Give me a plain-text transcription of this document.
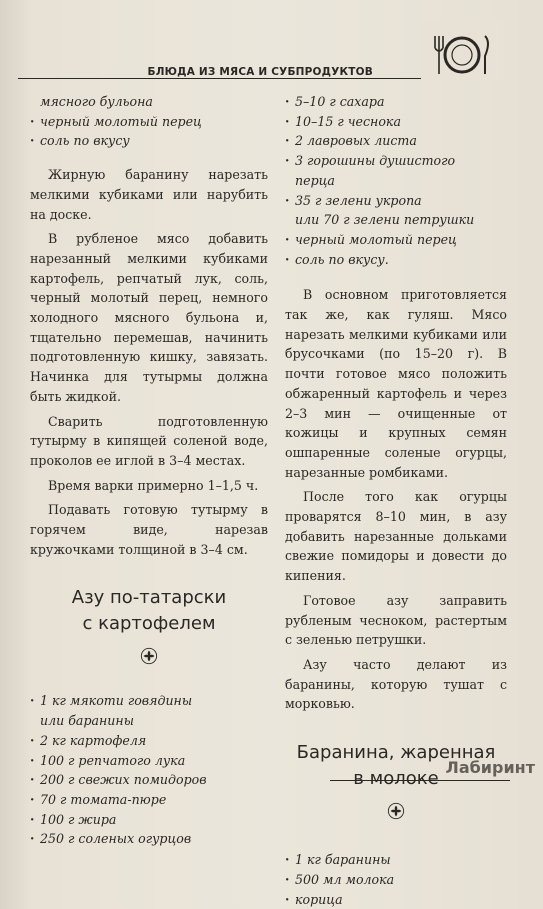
БЛЮДА ИЗ МЯСА И СУБПРОДУКТОВ
мясного бульона
· черный молотый перец
· соль по вкусу

Жирную баранину нарезать мелкими кубиками или нарубить на доске.

В рубленое мясо добавить нарезанный мелкими кубиками картофель, репчатый лук, соль, черный молотый перец, немного холодного мясного бульона и, тщательно перемешав, начинить подготовленную кишку, завязать. Начинка для тутырмы должна быть жидкой.

Сварить подготовленную тутырму в кипящей соленой воде, проколов ее иглой в 3–4 местах.

Время варки примерно 1–1,5 ч.

Подавать готовую тутырму в горячем виде, нарезав кружочками толщиной в 3–4 см.

Азу по-татарски
с картофелем

· 1 кг мякоти говядины
или баранины
· 2 кг картофеля
· 100 г репчатого лука
· 200 г свежих помидоров
· 70 г томата-пюре
· 100 г жира
· 250 г соленых огурцов
· 5–10 г сахара
· 10–15 г чеснока
· 2 лавровых листа
· 3 горошины душистого
перца
· 35 г зелени укропа
или 70 г зелени петрушки
· черный молотый перец
· соль по вкусу.

В основном приготовляется так же, как гуляш. Мясо нарезать мелкими кубиками или брусочками (по 15–20 г). В почти готовое мясо положить обжаренный картофель и через 2–3 мин — очищенные от кожицы и крупных семян ошпаренные соленые огурцы, нарезанные ромбиками.

После того как огурцы проварятся 8–10 мин, в азу добавить нарезанные дольками свежие помидоры и довести до кипения.

Готовое азу заправить рубленым чесноком, растертым с зеленью петрушки.

Азу часто делают из баранины, которую тушат с морковью.

Баранина, жаренная
в молоке

· 1 кг баранины
· 500 мл молока
· корица
Лабиринт
